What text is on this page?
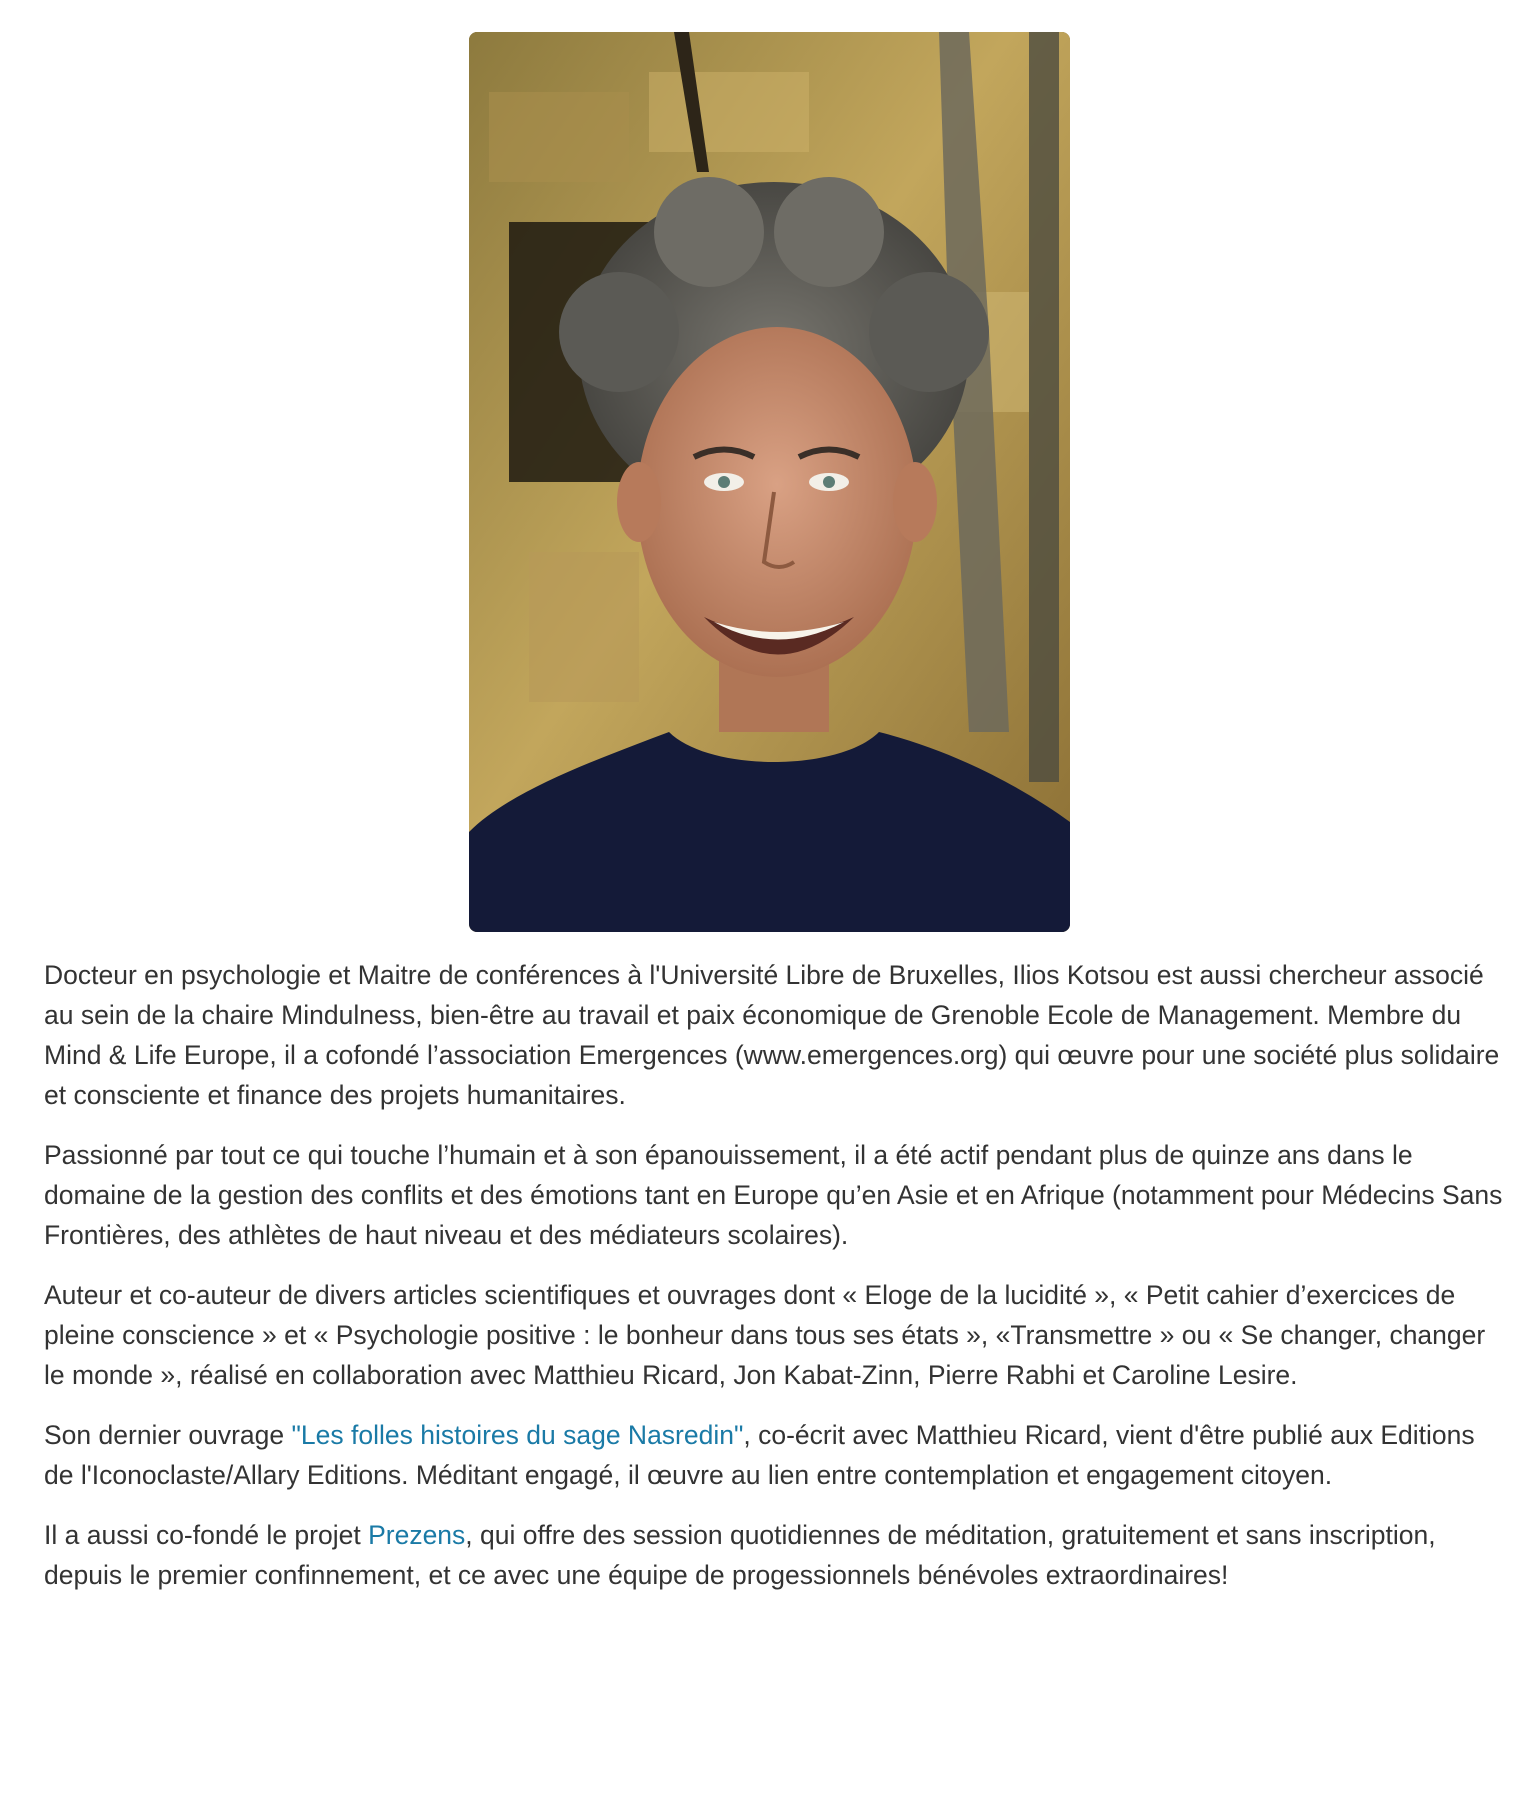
Docteur en psychologie et Maitre de conférences à l'Université Libre de Bruxelles, Ilios Kotsou est aussi chercheur associé au sein de la chaire Mindulness, bien-être au travail et paix économique de Grenoble Ecole de Management. Membre du Mind & Life Europe, il a cofondé l’association Emergences (www.emergences.org) qui œuvre pour une société plus solidaire et consciente et finance des projets humanitaires.

Passionné par tout ce qui touche l’humain et à son épanouissement, il a été actif pendant plus de quinze ans dans le domaine de la gestion des conflits et des émotions tant en Europe qu’en Asie et en Afrique (notamment pour Médecins Sans Frontières, des athlètes de haut niveau et des médiateurs scolaires).

Auteur et co-auteur de divers articles scientifiques et ouvrages dont « Eloge de la lucidité », « Petit cahier d’exercices de pleine conscience » et « Psychologie positive : le bonheur dans tous ses états », «Transmettre » ou « Se changer, changer le monde », réalisé en collaboration avec Matthieu Ricard, Jon Kabat-Zinn, Pierre Rabhi et Caroline Lesire.

Son dernier ouvrage "Les folles histoires du sage Nasredin", co-écrit avec Matthieu Ricard, vient d'être publié aux Editions de l'Iconoclaste/Allary Editions. Méditant engagé, il œuvre au lien entre contemplation et engagement citoyen.

Il a aussi co-fondé le projet Prezens, qui offre des session quotidiennes de méditation, gratuitement et sans inscription, depuis le premier confinnement, et ce avec une équipe de progessionnels bénévoles extraordinaires!
